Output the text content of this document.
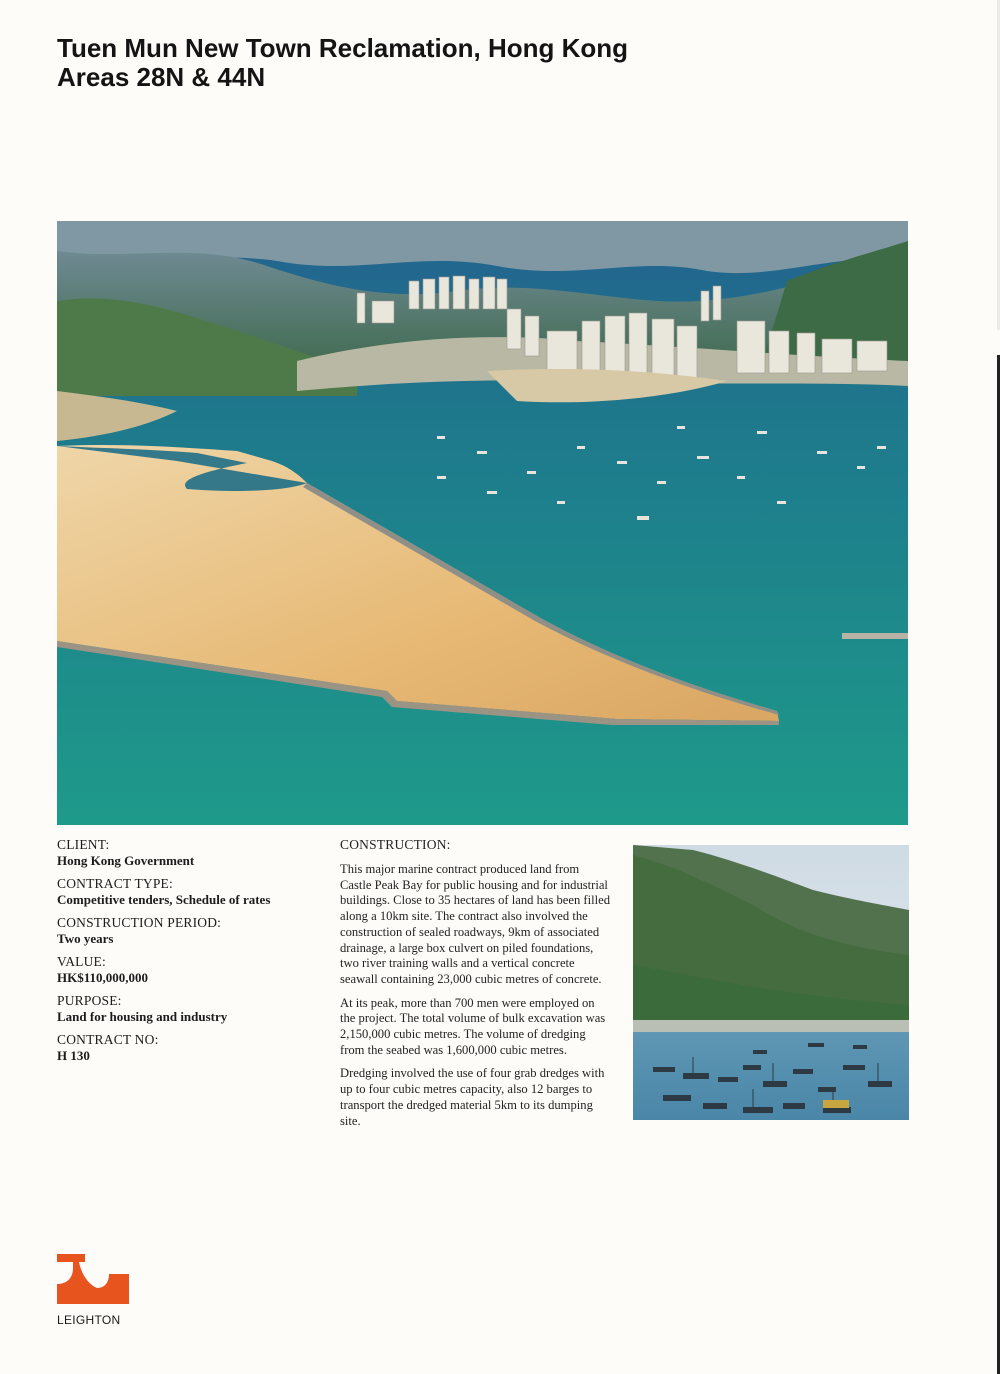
Tuen Mun New Town Reclamation, Hong Kong
Areas 28N & 44N
CLIENT:
Hong Kong Government
CONTRACT TYPE:
Competitive tenders, Schedule of rates
CONSTRUCTION PERIOD:
Two years
VALUE:
HK$110,000,000
PURPOSE:
Land for housing and industry
CONTRACT NO:
H 130
CONSTRUCTION:

This major marine contract produced land from Castle Peak Bay for public housing and for industrial buildings. Close to 35 hectares of land has been filled along a 10km site. The contract also involved the construction of sealed roadways, 9km of associated drainage, a large box culvert on piled foundations, two river training walls and a vertical concrete seawall containing 23,000 cubic metres of concrete.

At its peak, more than 700 men were employed on the project. The total volume of bulk excavation was 2,150,000 cubic metres. The volume of dredging from the seabed was 1,600,000 cubic metres.

Dredging involved the use of four grab dredges with up to four cubic metres capacity, also 12 barges to transport the dredged material 5km to its dumping site.

LEIGHTON
